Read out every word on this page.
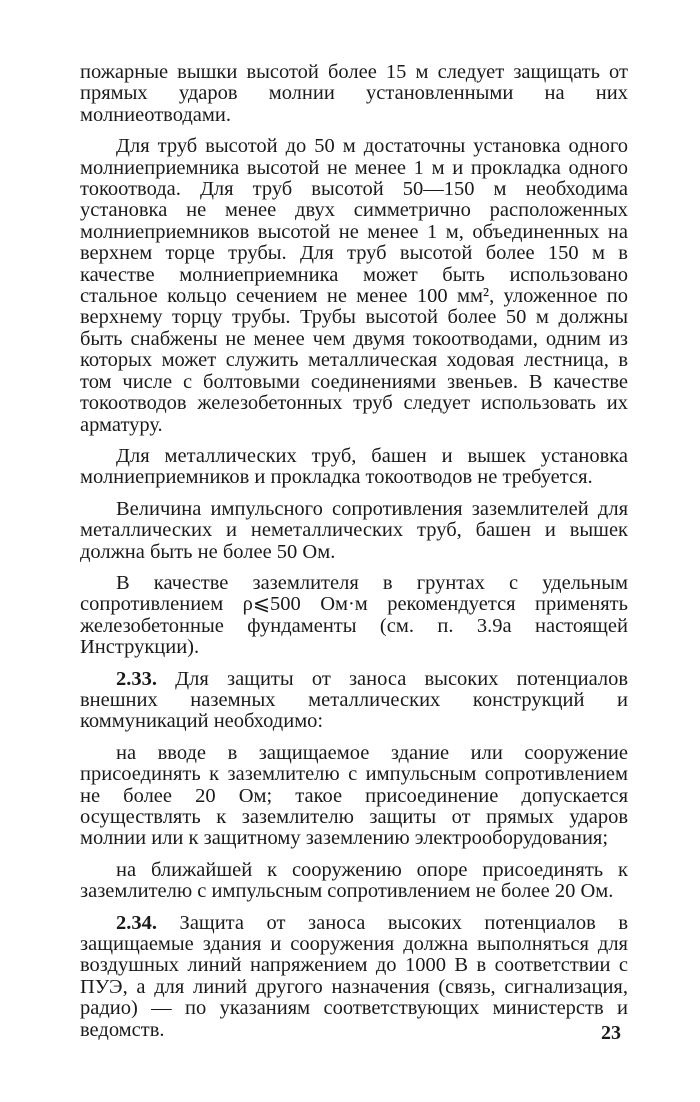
пожарные вышки высотой более 15 м следует защищать от прямых ударов молнии установленными на них молниеотводами.

Для труб высотой до 50 м достаточны установка одного молниеприемника высотой не менее 1 м и прокладка одного токоотвода. Для труб высотой 50—150 м необходима установка не менее двух симметрично расположенных молниеприемников высотой не менее 1 м, объединенных на верхнем торце трубы. Для труб высотой более 150 м в качестве молниеприемника может быть использовано стальное кольцо сечением не менее 100 мм², уложенное по верхнему торцу трубы. Трубы высотой более 50 м должны быть снабжены не менее чем двумя токоотводами, одним из которых может служить металлическая ходовая лестница, в том числе с болтовыми соединениями звеньев. В качестве токоотводов железобетонных труб следует использовать их арматуру.

Для металлических труб, башен и вышек установка молниеприемников и прокладка токоотводов не требуется.

Величина импульсного сопротивления заземлителей для металлических и неметаллических труб, башен и вышек должна быть не более 50 Ом.

В качестве заземлителя в грунтах с удельным сопротивлением ρ⩽500 Ом·м рекомендуется применять железобетонные фундаменты (см. п. 3.9а настоящей Инструкции).

2.33. Для защиты от заноса высоких потенциалов внешних наземных металлических конструкций и коммуникаций необходимо:

на вводе в защищаемое здание или сооружение присоединять к заземлителю с импульсным сопротивлением не более 20 Ом; такое присоединение допускается осуществлять к заземлителю защиты от прямых ударов молнии или к защитному заземлению электрооборудования;

на ближайшей к сооружению опоре присоединять к заземлителю с импульсным сопротивлением не более 20 Ом.

2.34. Защита от заноса высоких потенциалов в защищаемые здания и сооружения должна выполняться для воздушных линий напряжением до 1000 В в соответствии с ПУЭ, а для линий другого назначения (связь, сигнализация, радио) — по указаниям соответствующих министерств и ведомств.	23
